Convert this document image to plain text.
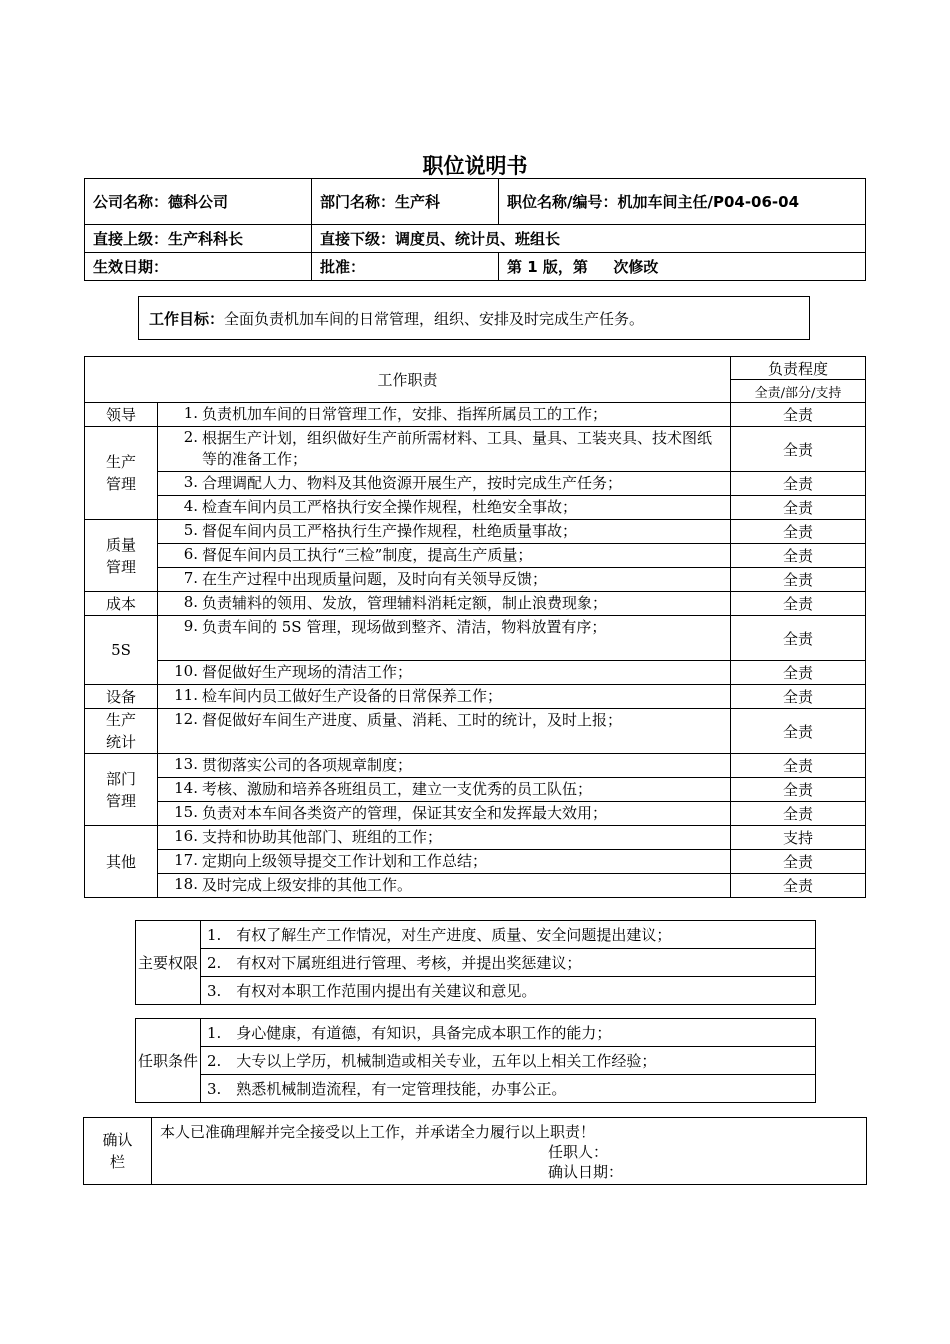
职位说明书
公司名称：德科公司	部门名称：生产科	职位名称/编号：机加车间主任/P04-06-04
直接上级：生产科科长	直接下级：调度员、统计员、班组长	
生效日期：	批准：	第 1 版，第　  次修改
工作目标： 全面负责机加车间的日常管理，组织、安排及时完成生产任务。
工作职责			负责程度
			全责/部分/支持
领导	1.	负责机加车间的日常管理工作，安排、指挥所属员工的工作；	全责
生产管理	2.	根据生产计划，组织做好生产前所需材料、工具、量具、工装夹具、技术图纸等的准备工作；	全责
	3.	合理调配人力、物料及其他资源开展生产，按时完成生产任务；	全责
	4.	检查车间内员工严格执行安全操作规程，杜绝安全事故；	全责
质量管理	5.	督促车间内员工严格执行生产操作规程，杜绝质量事故；	全责
	6.	督促车间内员工执行“三检”制度，提高生产质量；	全责
	7.	在生产过程中出现质量问题，及时向有关领导反馈；	全责
成本	8.	负责辅料的领用、发放，管理辅料消耗定额，制止浪费现象；	全责
5S	9.	负责车间的 5S 管理，现场做到整齐、清洁，物料放置有序；	全责
	10.	督促做好生产现场的清洁工作；	全责
设备	11.	检车间内员工做好生产设备的日常保养工作；	全责
生产统计	12.	督促做好车间生产进度、质量、消耗、工时的统计，及时上报；	全责
部门管理	13.	贯彻落实公司的各项规章制度；	全责
	14.	考核、激励和培养各班组员工，建立一支优秀的员工队伍；	全责
	15.	负责对本车间各类资产的管理，保证其安全和发挥最大效用；	全责
其他	16.	支持和协助其他部门、班组的工作；	支持
	17.	定期向上级领导提交工作计划和工作总结；	全责
	18.	及时完成上级安排的其他工作。	全责
主要权限	1.　有权了解生产工作情况，对生产进度、质量、安全问题提出建议；
2.　有权对下属班组进行管理、考核，并提出奖惩建议；
3.　有权对本职工作范围内提出有关建议和意见。
任职条件	1.　身心健康，有道德，有知识，具备完成本职工作的能力；
2.　大专以上学历，机械制造或相关专业，五年以上相关工作经验；
3.　熟悉机械制造流程，有一定管理技能，办事公正。
确认栏	
本人已准确理解并完全接受以上工作，并承诺全力履行以上职责！
任职人：
确认日期：
